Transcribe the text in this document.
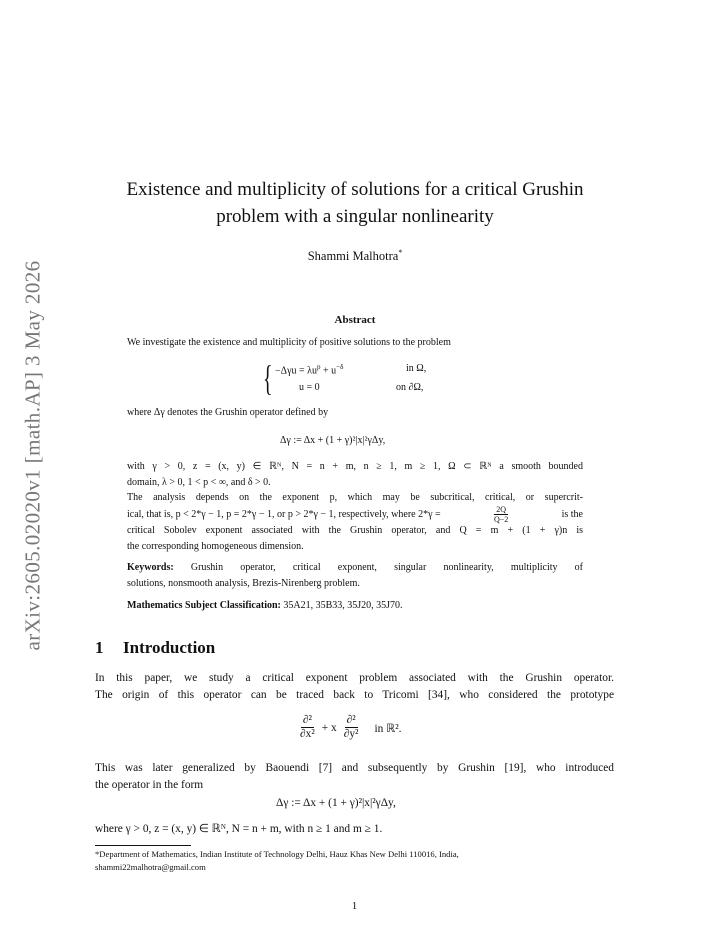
arXiv:2605.02020v1 [math.AP] 3 May 2026
Existence and multiplicity of solutions for a critical Grushin
problem with a singular nonlinearity
Shammi Malhotra*
Abstract
We investigate the existence and multiplicity of positive solutions to the problem
{ $-\Delta\gamma u = \lambda u^p + u^{-\delta}$	in Ω,
u = 0	on ∂Ω,
where Δγ denotes the Grushin operator defined by
Δγ := Δx + (1 + γ)²|x|²γΔy,
with γ > 0, z = (x, y) ∈ ℝᴺ, N = n + m, n ≥ 1, m ≥ 1, Ω ⊂ ℝᴺ a smooth bounded
domain, λ > 0, 1 < p < ∞, and δ > 0.
The analysis depends on the exponent p, which may be subcritical, critical, or supercrit-
ical, that is, p < 2*γ − 1, p = 2*γ − 1, or p > 2*γ − 1, respectively, where 2*γ =	$\frac{2Q}{Q-2}$	is the
critical Sobolev exponent associated with the Grushin operator, and Q = m + (1 + γ)n is
the corresponding homogeneous dimension.
Keywords: Grushin operator, critical exponent, singular nonlinearity, multiplicity of
solutions, nonsmooth analysis, Brezis-Nirenberg problem.
Mathematics Subject Classification: 35A21, 35B33, 35J20, 35J70.
1 Introduction
In this paper, we study a critical exponent problem associated with the Grushin operator.
The origin of this operator can be traced back to Tricomi [34], who considered the prototype
$\frac{\text{∂²}}{\text{∂x²}} + x \frac{\text{∂²}}{\text{∂y²}}$ in ℝ².
This was later generalized by Baouendi [7] and subsequently by Grushin [19], who introduced
the operator in the form
Δγ := Δx + (1 + γ)²|x|²γΔy,
where γ > 0, z = (x, y) ∈ ℝᴺ, N = n + m, with n ≥ 1 and m ≥ 1.
*Department of Mathematics, Indian Institute of Technology Delhi, Hauz Khas New Delhi 110016, India,
shammi22malhotra@gmail.com
1
